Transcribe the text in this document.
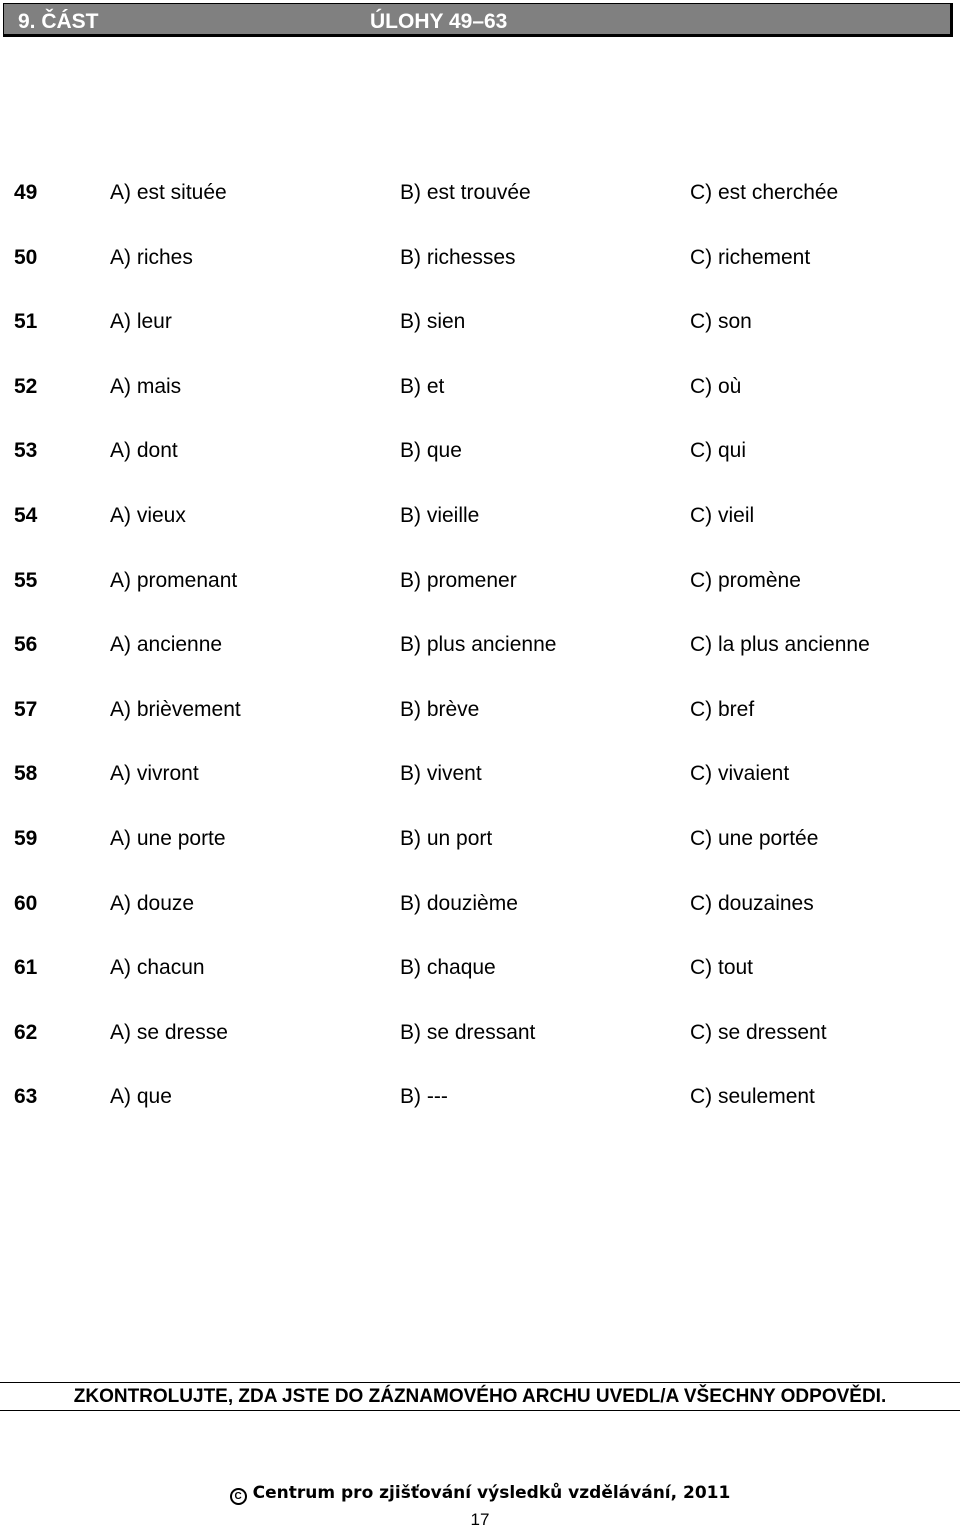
9. ČÁST	ÚLOHY 49–63
49	A) est située	B) est trouvée	C) est cherchée
50	A) riches	B) richesses	C) richement
51	A) leur	B) sien	C) son
52	A) mais	B) et	C) où
53	A) dont	B) que	C) qui
54	A) vieux	B) vieille	C) vieil
55	A) promenant	B) promener	C) promène
56	A) ancienne	B) plus ancienne	C) la plus ancienne
57	A) brièvement	B) brève	C) bref
58	A) vivront	B) vivent	C) vivaient
59	A) une porte	B) un port	C) une portée
60	A) douze	B) douzième	C) douzaines
61	A) chacun	B) chaque	C) tout
62	A) se dresse	B) se dressant	C) se dressent
63	A) que	B) ---	C) seulement
ZKONTROLUJTE, ZDA JSTE DO ZÁZNAMOVÉHO ARCHU UVEDL/A VŠECHNY ODPOVĚDI.
C Centrum pro zjišťování výsledků vzdělávání, 2011
17
